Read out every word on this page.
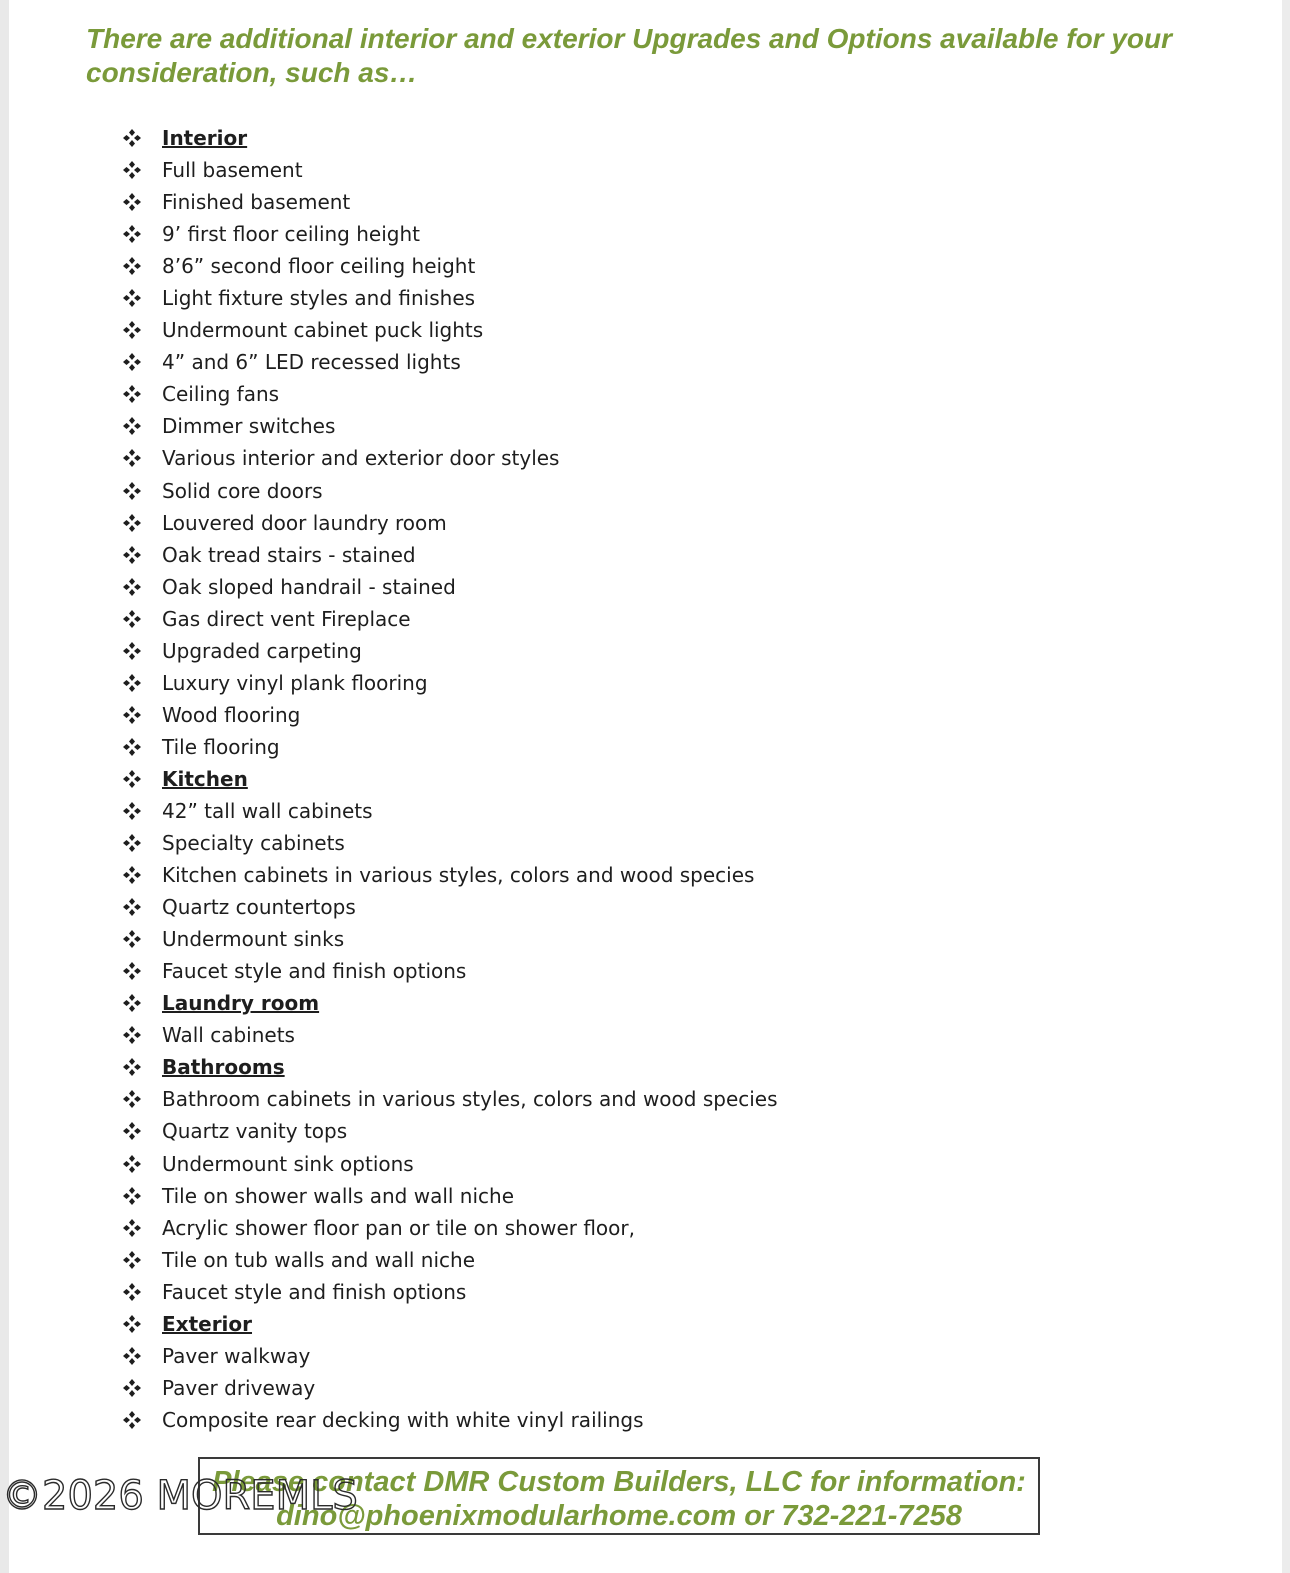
There are additional interior and exterior Upgrades and Options available for your consideration, such as…
Interior
Full basement
Finished basement
9’ first floor ceiling height
8’6” second floor ceiling height
Light fixture styles and finishes
Undermount cabinet puck lights
4” and 6” LED recessed lights
Ceiling fans
Dimmer switches
Various interior and exterior door styles
Solid core doors
Louvered door laundry room
Oak tread stairs - stained
Oak sloped handrail - stained
Gas direct vent Fireplace
Upgraded carpeting
Luxury vinyl plank flooring
Wood flooring
Tile flooring
Kitchen
42” tall wall cabinets
Specialty cabinets
Kitchen cabinets in various styles, colors and wood species
Quartz countertops
Undermount sinks
Faucet style and finish options
Laundry room
Wall cabinets
Bathrooms
Bathroom cabinets in various styles, colors and wood species
Quartz vanity tops
Undermount sink options
Tile on shower walls and wall niche
Acrylic shower floor pan or tile on shower floor,
Tile on tub walls and wall niche
Faucet style and finish options
Exterior
Paver walkway
Paver driveway
Composite rear decking with white vinyl railings
Please contact DMR Custom Builders, LLC for information:
dino@phoenixmodularhome.com or 732-221-7258
©2026 MOREMLS
